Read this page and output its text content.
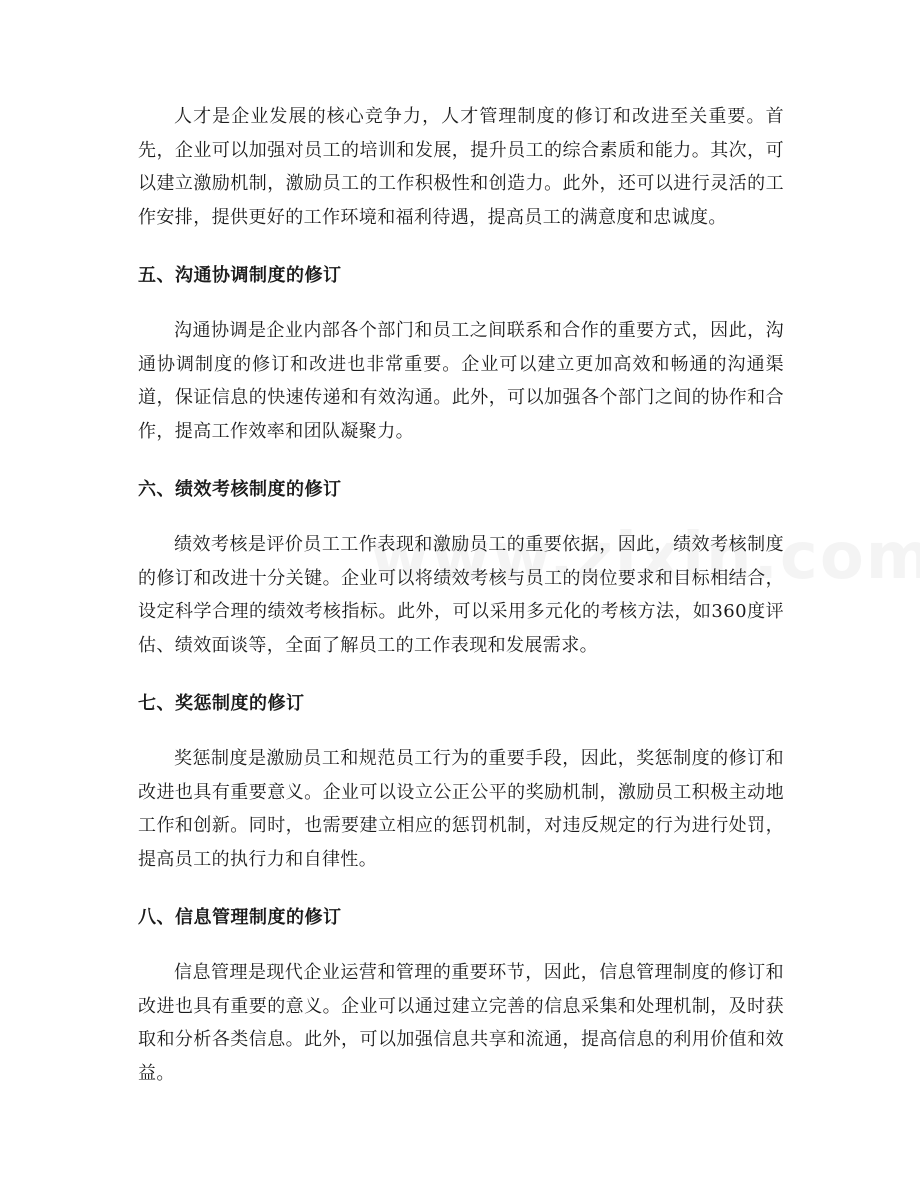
人才是企业发展的核心竞争力，人才管理制度的修订和改进至关重要。首先，企业可以加强对员工的培训和发展，提升员工的综合素质和能力。其次，可以建立激励机制，激励员工的工作积极性和创造力。此外，还可以进行灵活的工作安排，提供更好的工作环境和福利待遇，提高员工的满意度和忠诚度。

五、沟通协调制度的修订

沟通协调是企业内部各个部门和员工之间联系和合作的重要方式，因此，沟通协调制度的修订和改进也非常重要。企业可以建立更加高效和畅通的沟通渠道，保证信息的快速传递和有效沟通。此外，可以加强各个部门之间的协作和合作，提高工作效率和团队凝聚力。

六、绩效考核制度的修订

绩效考核是评价员工工作表现和激励员工的重要依据，因此，绩效考核制度的修订和改进十分关键。企业可以将绩效考核与员工的岗位要求和目标相结合，设定科学合理的绩效考核指标。此外，可以采用多元化的考核方法，如360度评估、绩效面谈等，全面了解员工的工作表现和发展需求。

七、奖惩制度的修订

奖惩制度是激励员工和规范员工行为的重要手段，因此，奖惩制度的修订和改进也具有重要意义。企业可以设立公正公平的奖励机制，激励员工积极主动地工作和创新。同时，也需要建立相应的惩罚机制，对违反规定的行为进行处罚，提高员工的执行力和自律性。

八、信息管理制度的修订

信息管理是现代企业运营和管理的重要环节，因此，信息管理制度的修订和改进也具有重要的意义。企业可以通过建立完善的信息采集和处理机制，及时获取和分析各类信息。此外，可以加强信息共享和流通，提高信息的利用价值和效益。
